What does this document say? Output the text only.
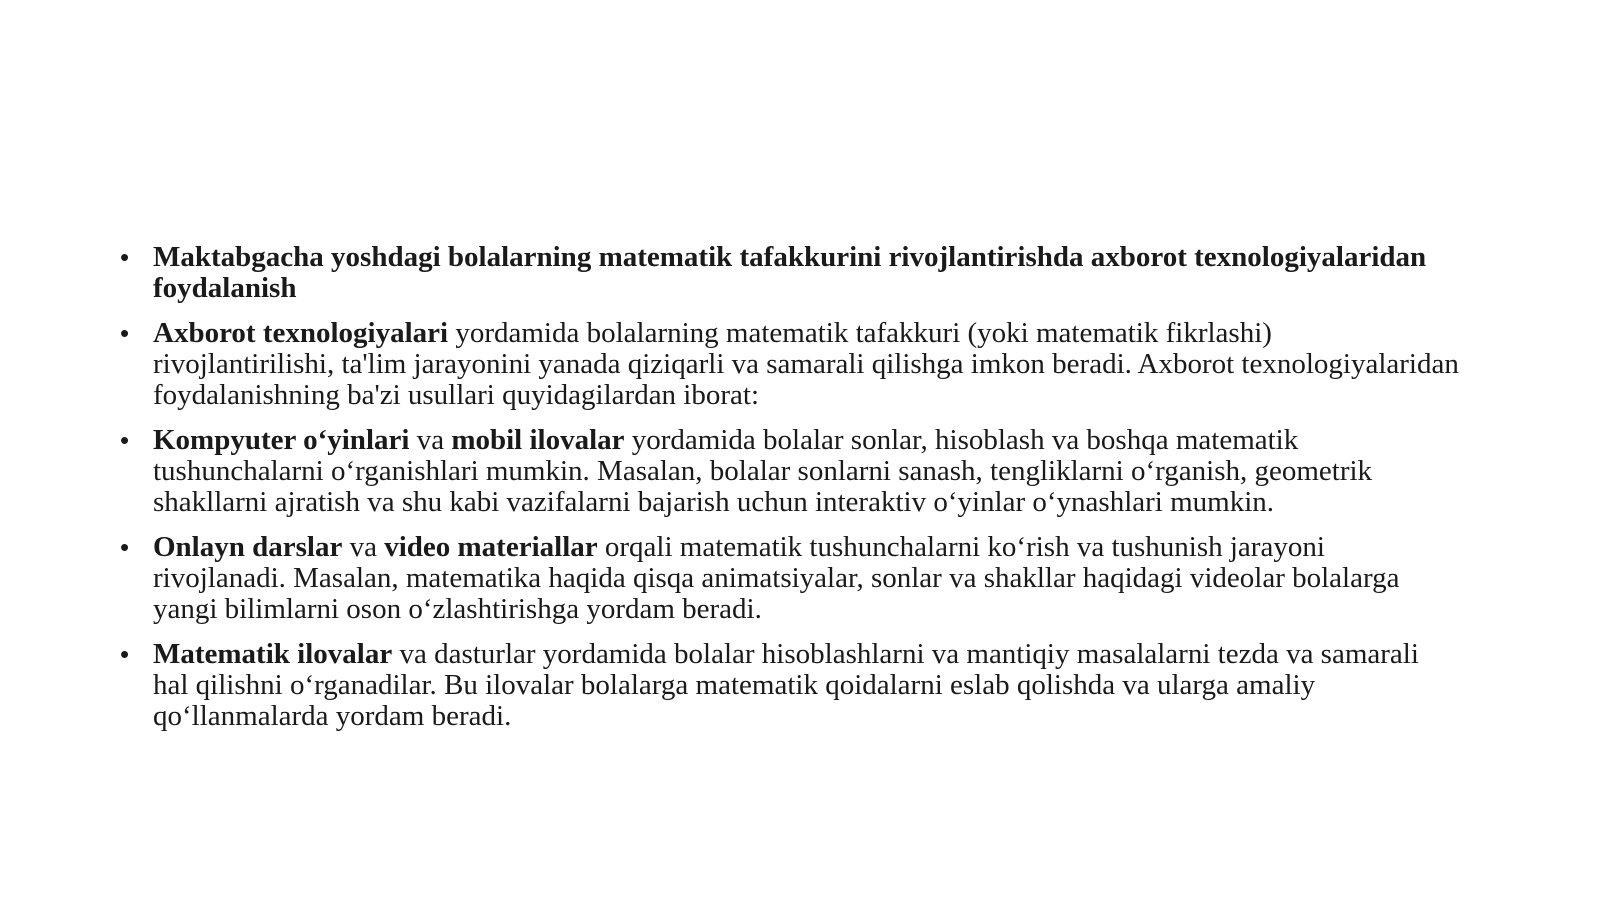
• Maktabgacha yoshdagi bolalarning matematik tafakkurini rivojlantirishda axborot texnologiyalaridan foydalanish
• Axborot texnologiyalari yordamida bolalarning matematik tafakkuri (yoki matematik fikrlashi) rivojlantirilishi, ta'lim jarayonini yanada qiziqarli va samarali qilishga imkon beradi. Axborot texnologiyalaridan foydalanishning ba'zi usullari quyidagilardan iborat:
• Kompyuter o‘yinlari va mobil ilovalar yordamida bolalar sonlar, hisoblash va boshqa matematik tushunchalarni o‘rganishlari mumkin. Masalan, bolalar sonlarni sanash, tengliklarni o‘rganish, geometrik shakllarni ajratish va shu kabi vazifalarni bajarish uchun interaktiv o‘yinlar o‘ynashlari mumkin.
• Onlayn darslar va video materiallar orqali matematik tushunchalarni ko‘rish va tushunish jarayoni rivojlanadi. Masalan, matematika haqida qisqa animatsiyalar, sonlar va shakllar haqidagi videolar bolalarga yangi bilimlarni oson o‘zlashtirishga yordam beradi.
• Matematik ilovalar va dasturlar yordamida bolalar hisoblashlarni va mantiqiy masalalarni tezda va samarali hal qilishni o‘rganadilar. Bu ilovalar bolalarga matematik qoidalarni eslab qolishda va ularga amaliy qo‘llanmalarda yordam beradi.
